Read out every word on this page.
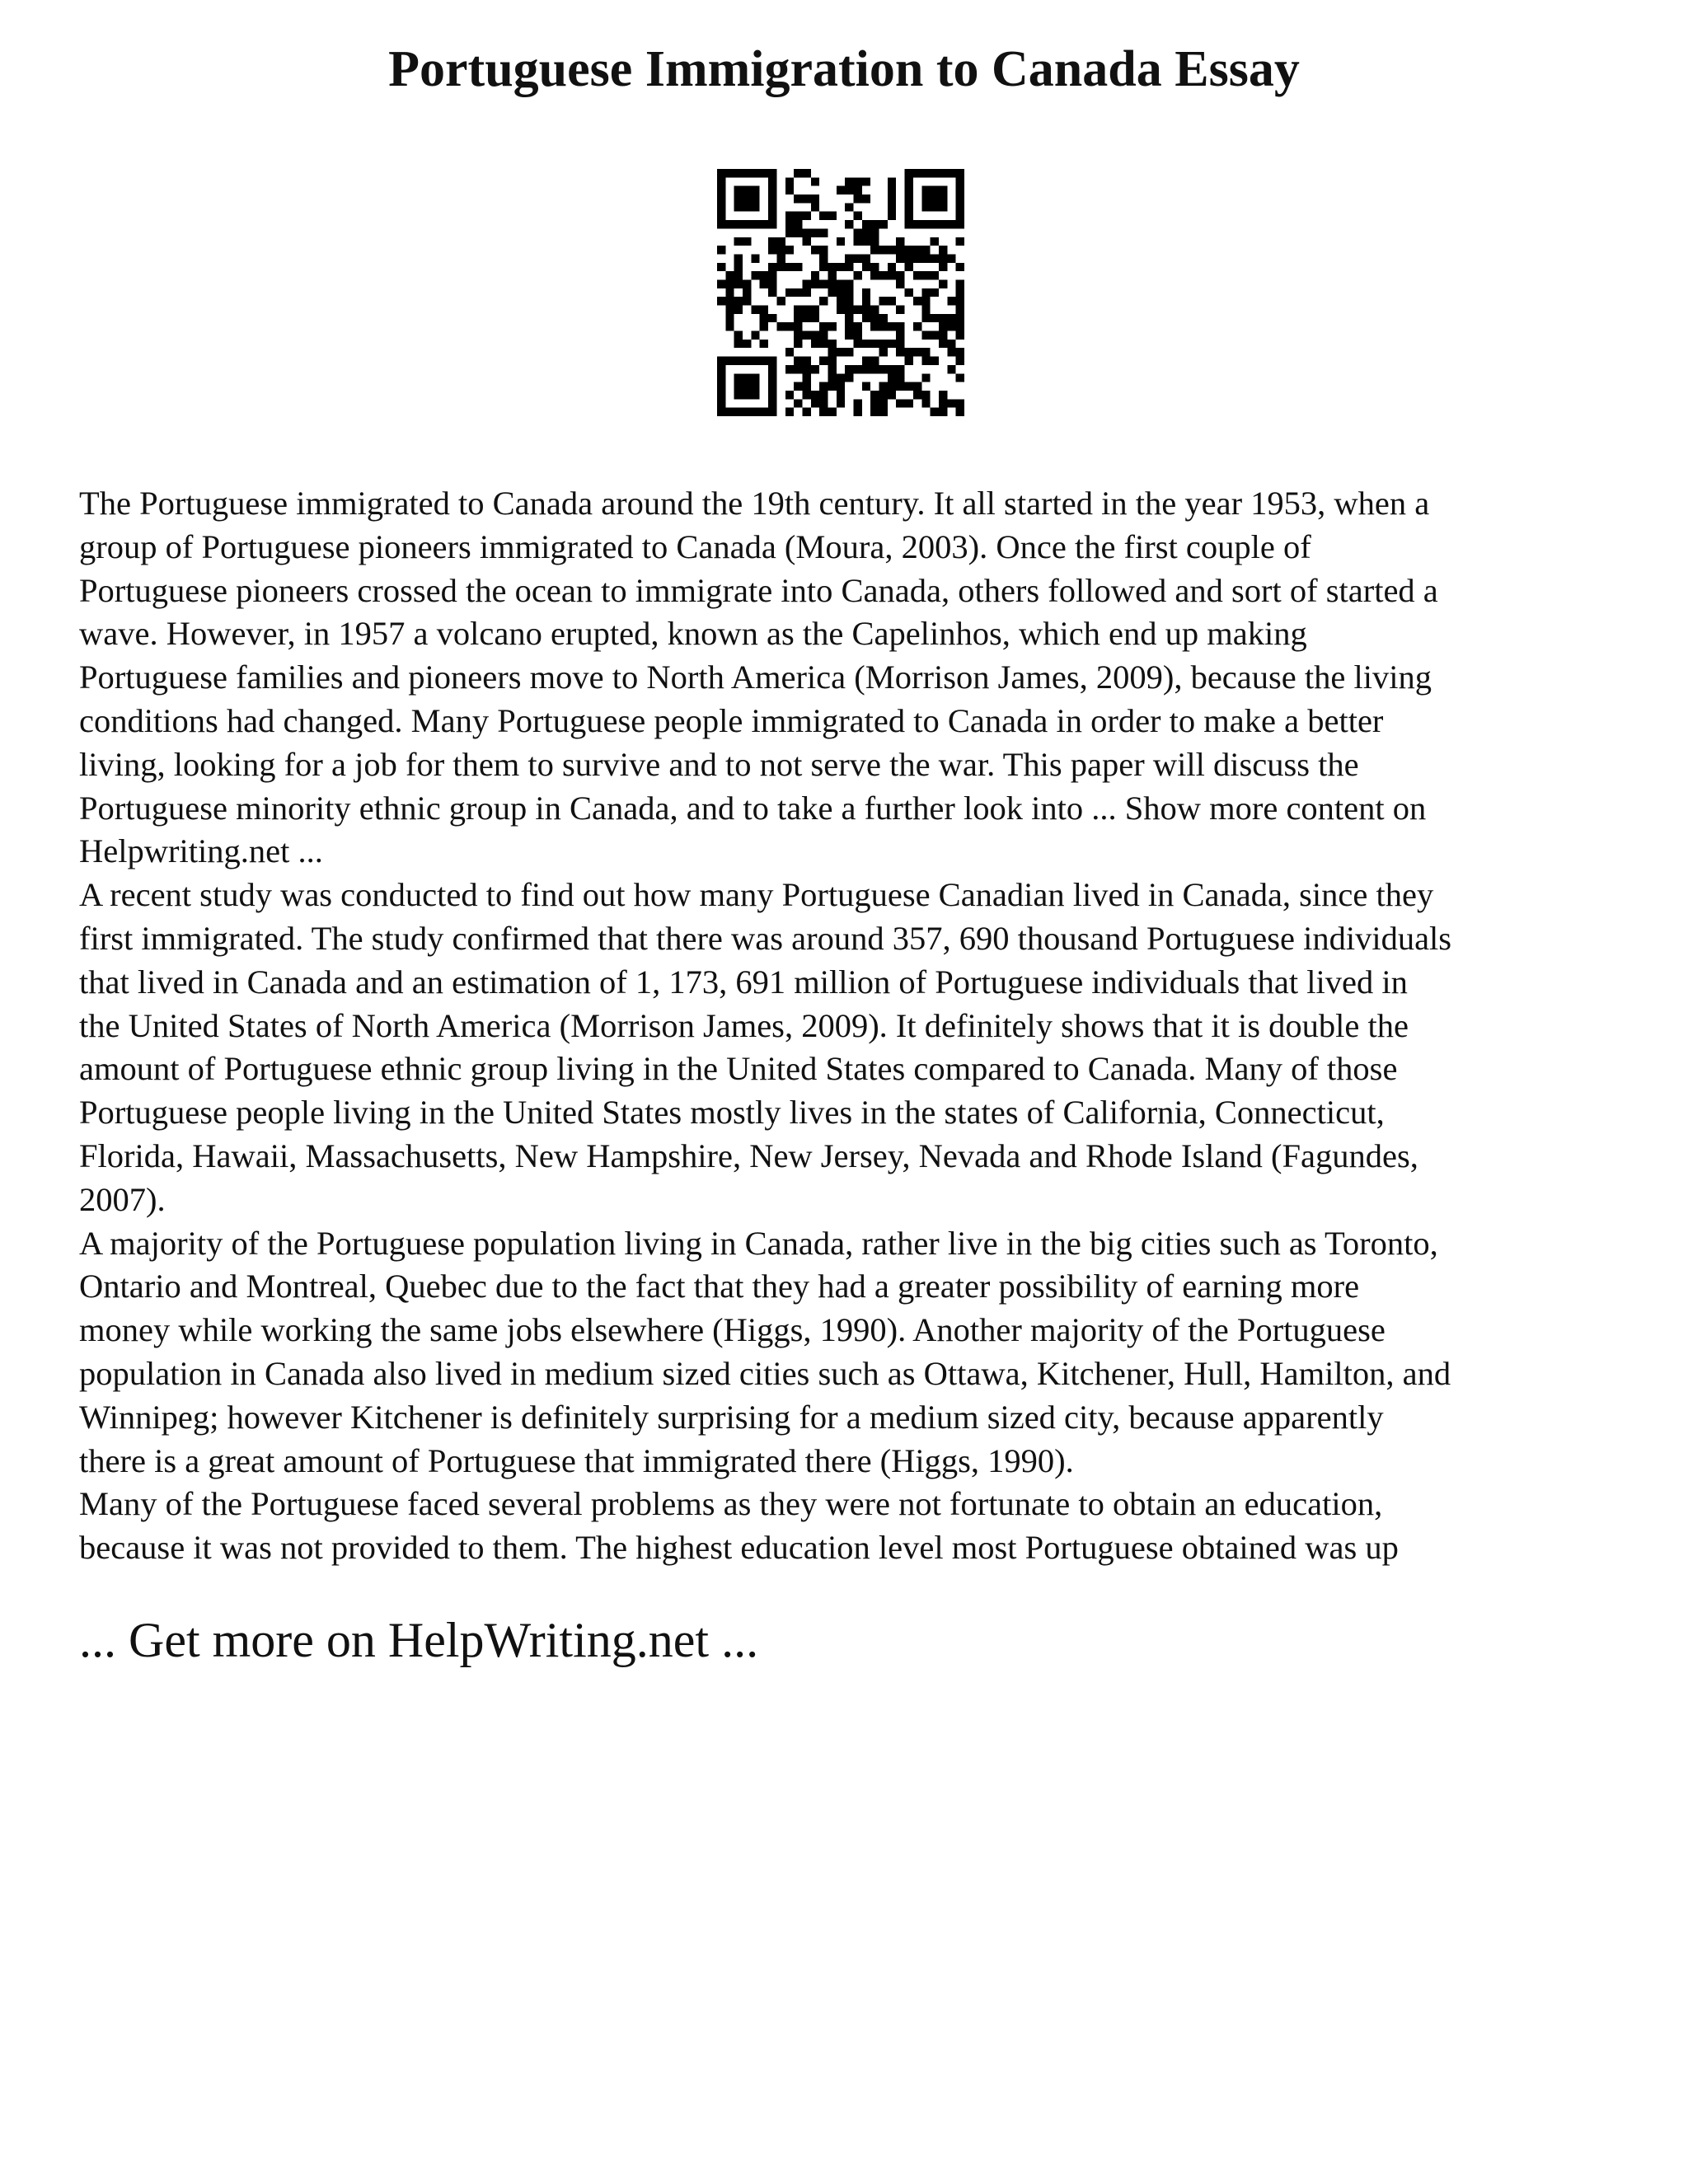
Portuguese Immigration to Canada Essay

The Portuguese immigrated to Canada around the 19th century. It all started in the year 1953, when a

group of Portuguese pioneers immigrated to Canada (Moura, 2003). Once the first couple of

Portuguese pioneers crossed the ocean to immigrate into Canada, others followed and sort of started a

wave. However, in 1957 a volcano erupted, known as the Capelinhos, which end up making

Portuguese families and pioneers move to North America (Morrison James, 2009), because the living

conditions had changed. Many Portuguese people immigrated to Canada in order to make a better

living, looking for a job for them to survive and to not serve the war. This paper will discuss the

Portuguese minority ethnic group in Canada, and to take a further look into ... Show more content on

Helpwriting.net ...

A recent study was conducted to find out how many Portuguese Canadian lived in Canada, since they

first immigrated. The study confirmed that there was around 357, 690 thousand Portuguese individuals

that lived in Canada and an estimation of 1, 173, 691 million of Portuguese individuals that lived in

the United States of North America (Morrison James, 2009). It definitely shows that it is double the

amount of Portuguese ethnic group living in the United States compared to Canada. Many of those

Portuguese people living in the United States mostly lives in the states of California, Connecticut,

Florida, Hawaii, Massachusetts, New Hampshire, New Jersey, Nevada and Rhode Island (Fagundes,

2007).

A majority of the Portuguese population living in Canada, rather live in the big cities such as Toronto,

Ontario and Montreal, Quebec due to the fact that they had a greater possibility of earning more

money while working the same jobs elsewhere (Higgs, 1990). Another majority of the Portuguese

population in Canada also lived in medium sized cities such as Ottawa, Kitchener, Hull, Hamilton, and

Winnipeg; however Kitchener is definitely surprising for a medium sized city, because apparently

there is a great amount of Portuguese that immigrated there (Higgs, 1990).

Many of the Portuguese faced several problems as they were not fortunate to obtain an education,

because it was not provided to them. The highest education level most Portuguese obtained was up

... Get more on HelpWriting.net ...
